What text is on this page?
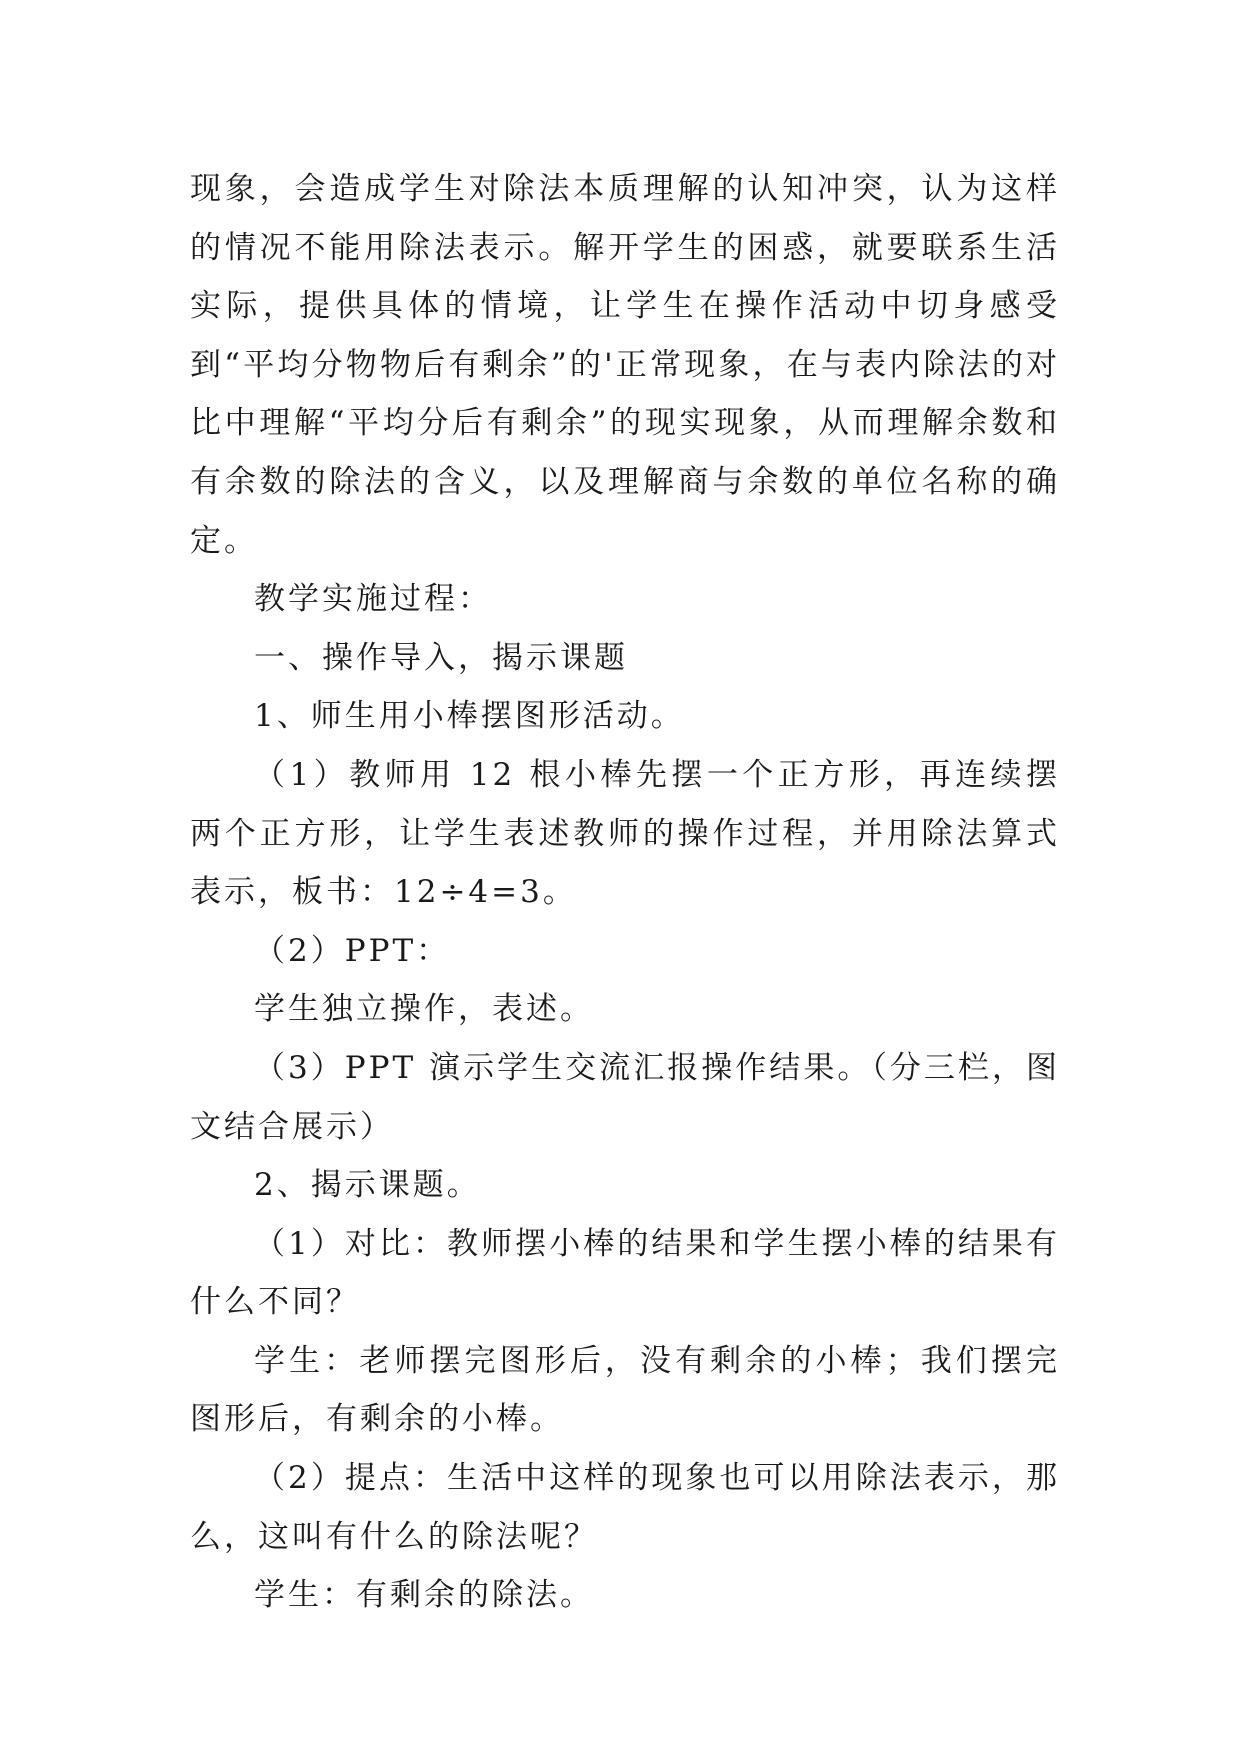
现象，会造成学生对除法本质理解的认知冲突，认为这样的情况不能用除法表示。解开学生的困惑，就要联系生活实际，提供具体的情境，让学生在操作活动中切身感受到“平均分物物后有剩余”的'正常现象，在与表内除法的对比中理解“平均分后有剩余”的现实现象，从而理解余数和有余数的除法的含义，以及理解商与余数的单位名称的确定。

教学实施过程：

一、操作导入，揭示课题

1、师生用小棒摆图形活动。

（1）教师用 12 根小棒先摆一个正方形，再连续摆两个正方形，让学生表述教师的操作过程，并用除法算式表示，板书：12÷4=3。

（2）PPT：

学生独立操作，表述。

（3）PPT 演示学生交流汇报操作结果。（分三栏，图文结合展示）

2、揭示课题。

（1）对比：教师摆小棒的结果和学生摆小棒的结果有什么不同？

学生：老师摆完图形后，没有剩余的小棒；我们摆完图形后，有剩余的小棒。

（2）提点：生活中这样的现象也可以用除法表示，那么，这叫有什么的除法呢？

学生：有剩余的除法。
